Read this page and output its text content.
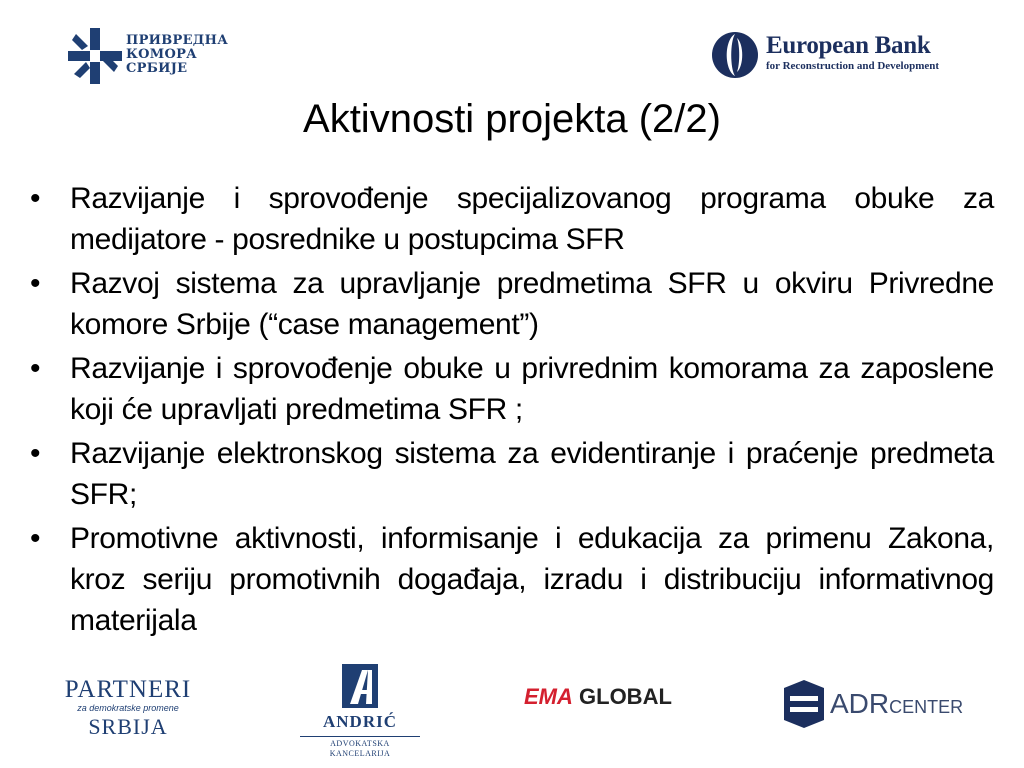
ПРИВРЕДНА
КОМОРА
СРБИЈЕ
European Bank
for Reconstruction and Development
Aktivnosti projekta (2/2)
• Razvijanje i sprovođenje specijalizovanog programa obuke za medijatore - posrednike u postupcima SFR
• Razvoj sistema za upravljanje predmetima SFR u okviru Privredne komore Srbije (“case management”)
• Razvijanje i sprovođenje obuke u privrednim komorama za zaposlene koji će upravljati predmetima SFR ;
• Razvijanje elektronskog sistema za evidentiranje i praćenje predmeta SFR;
• Promotivne aktivnosti, informisanje i edukacija za primenu Zakona, kroz seriju promotivnih događaja, izradu i distribuciju informativnog materijala
PARTNERI
za demokratske promene
SRBIJA	ANDRIĆ
ADVOKATSKA KANCELARIJA
EMA GLOBAL	ADRCENTER
